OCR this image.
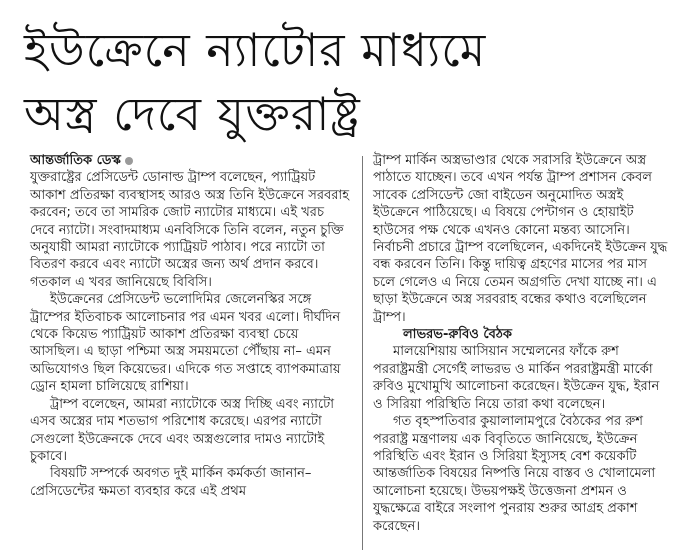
ইউক্রেনে ন্যাটোর মাধ্যমে
অস্ত্র দেবে যুক্তরাষ্ট্র
আন্তর্জাতিক ডেস্ক

যুক্তরাষ্ট্রের প্রেসিডেন্ট ডোনাল্ড ট্রাম্প বলেছেন, প্যাট্রিয়ট আকাশ প্রতিরক্ষা ব্যবস্থাসহ আরও অস্ত্র তিনি ইউক্রেনে সরবরাহ করবেন; তবে তা সামরিক জোট ন্যাটোর মাধ্যমে। এই খরচ দেবে ন্যাটো। সংবাদমাধ্যম এনবিসিকে তিনি বলেন, নতুন চুক্তি অনুযায়ী আমরা ন্যাটোকে প্যাট্রিয়ট পাঠাব। পরে ন্যাটো তা বিতরণ করবে এবং ন্যাটো অস্ত্রের জন্য অর্থ প্রদান করবে। গতকাল এ খবর জানিয়েছে বিবিসি।

ইউক্রেনের প্রেসিডেন্ট ভলোদিমির জেলেনস্কির সঙ্গে ট্রাম্পের ইতিবাচক আলোচনার পর এমন খবর এলো। দীর্ঘদিন থেকে কিয়েভ প্যাট্রিয়ট আকাশ প্রতিরক্ষা ব্যবস্থা চেয়ে আসছিল। এ ছাড়া পশ্চিমা অস্ত্র সময়মতো পৌঁছায় না– এমন অভিযোগও ছিল কিয়েভের। এদিকে গত সপ্তাহে ব্যাপকমাত্রায় ড্রোন হামলা চালিয়েছে রাশিয়া।

ট্রাম্প বলেছেন, আমরা ন্যাটোকে অস্ত্র দিচ্ছি এবং ন্যাটো এসব অস্ত্রের দাম শতভাগ পরিশোধ করেছে। এরপর ন্যাটো সেগুলো ইউক্রেনকে দেবে এবং অস্ত্রগুলোর দামও ন্যাটোই চুকাবে।

বিষয়টি সম্পর্কে অবগত দুই মার্কিন কর্মকর্তা জানান– প্রেসিডেন্টের ক্ষমতা ব্যবহার করে এই প্রথম

ট্রাম্প মার্কিন অস্ত্রভাণ্ডার থেকে সরাসরি ইউক্রেনে অস্ত্র পাঠাতে যাচ্ছেন। তবে এখন পর্যন্ত ট্রাম্প প্রশাসন কেবল সাবেক প্রেসিডেন্ট জো বাইডেন অনুমোদিত অস্ত্রই ইউক্রেনে পাঠিয়েছে। এ বিষয়ে পেন্টাগন ও হোয়াইট হাউসের পক্ষ থেকে এখনও কোনো মন্তব্য আসেনি। নির্বাচনী প্রচারে ট্রাম্প বলেছিলেন, একদিনেই ইউক্রেন যুদ্ধ বন্ধ করবেন তিনি। কিন্তু দায়িত্ব গ্রহণের মাসের পর মাস চলে গেলেও এ নিয়ে তেমন অগ্রগতি দেখা যাচ্ছে না। এ ছাড়া ইউক্রেনে অস্ত্র সরবরাহ বন্ধের কথাও বলেছিলেন ট্রাম্প।

লাভরভ-রুবিও বৈঠক

মালয়েশিয়ায় আসিয়ান সম্মেলনের ফাঁকে রুশ পররাষ্ট্রমন্ত্রী সের্গেই লাভরভ ও মার্কিন পররাষ্ট্রমন্ত্রী মার্কো রুবিও মুখোমুখি আলোচনা করেছেন। ইউক্রেন যুদ্ধ, ইরান ও সিরিয়া পরিস্থিতি নিয়ে তারা কথা বলেছেন।

গত বৃহস্পতিবার কুয়ালালামপুরে বৈঠকের পর রুশ পররাষ্ট্র মন্ত্রণালয় এক বিবৃতিতে জানিয়েছে, ইউক্রেন পরিস্থিতি এবং ইরান ও সিরিয়া ইস্যুসহ বেশ কয়েকটি আন্তর্জাতিক বিষয়ের নিষ্পত্তি নিয়ে বাস্তব ও খোলামেলা আলোচনা হয়েছে। উভয়পক্ষই উত্তেজনা প্রশমন ও যুদ্ধক্ষেত্রে বাইরে সংলাপ পুনরায় শুরুর আগ্রহ প্রকাশ করেছেন।
